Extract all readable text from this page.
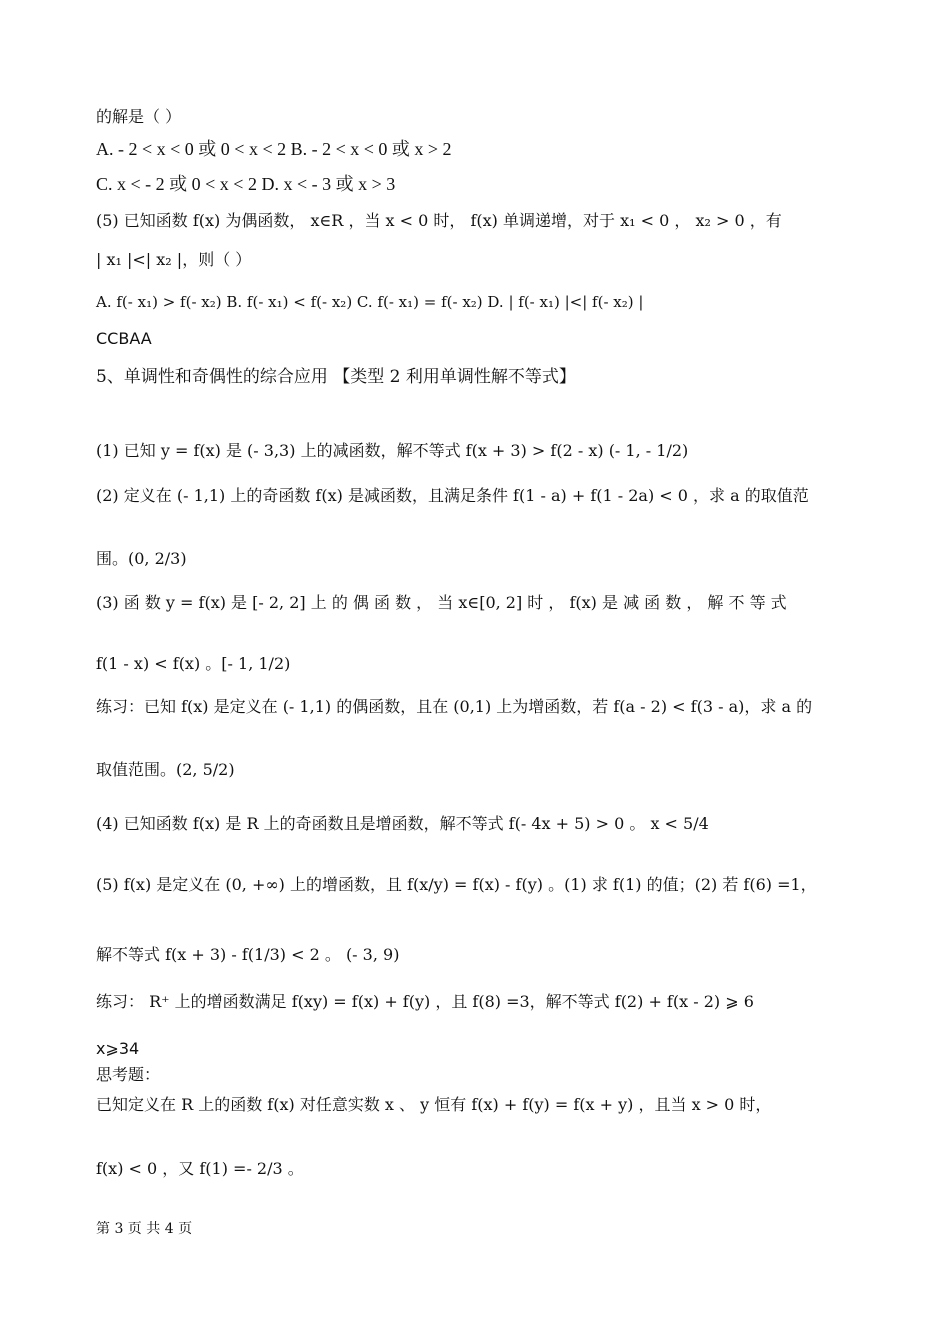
的解是（ ）
A. - 2 < x < 0 或 0 < x < 2 B. - 2 < x < 0 或 x > 2
C. x < - 2 或 0 < x < 2 D. x < - 3 或 x > 3
(5) 已知函数 f(x) 为偶函数， x∈R ，当 x < 0 时， f(x) 单调递增，对于 x₁ < 0 ， x₂ > 0 ，有
| x₁ |<| x₂ |，则（ ）
A. f(- x₁) > f(- x₂) B. f(- x₁) < f(- x₂) C. f(- x₁) = f(- x₂) D. | f(- x₁) |<| f(- x₂) |
CCBAA
5、单调性和奇偶性的综合应用 【类型 2 利用单调性解不等式】
(1) 已知 y = f(x) 是 (- 3,3) 上的减函数，解不等式 f(x + 3) > f(2 - x) (- 1, - 1/2)
(2) 定义在 (- 1,1) 上的奇函数 f(x) 是减函数，且满足条件 f(1 - a) + f(1 - 2a) < 0 ，求 a 的取值范
围。(0, 2/3)
(3) 函 数 y = f(x) 是 [- 2, 2] 上 的 偶 函 数 ， 当 x∈[0, 2] 时 ， f(x) 是 减 函 数 ， 解 不 等 式
f(1 - x) < f(x) 。[- 1, 1/2)
练习：已知 f(x) 是定义在 (- 1,1) 的偶函数，且在 (0,1) 上为增函数，若 f(a - 2) < f(3 - a)，求 a 的
取值范围。(2, 5/2)
(4) 已知函数 f(x) 是 R 上的奇函数且是增函数，解不等式 f(- 4x + 5) > 0 。 x < 5/4
(5) f(x) 是定义在 (0, +∞) 上的增函数，且 f(x/y) = f(x) - f(y) 。(1) 求 f(1) 的值；(2) 若 f(6) =1，
解不等式 f(x + 3) - f(1/3) < 2 。 (- 3, 9)
练习： R⁺ 上的增函数满足 f(xy) = f(x) + f(y) ，且 f(8) =3，解不等式 f(2) + f(x - 2) ⩾ 6
x⩾34
思考题：
已知定义在 R 上的函数 f(x) 对任意实数 x 、 y 恒有 f(x) + f(y) = f(x + y) ，且当 x > 0 时，
f(x) < 0 ，又 f(1) =- 2/3 。
第 3 页 共 4 页
